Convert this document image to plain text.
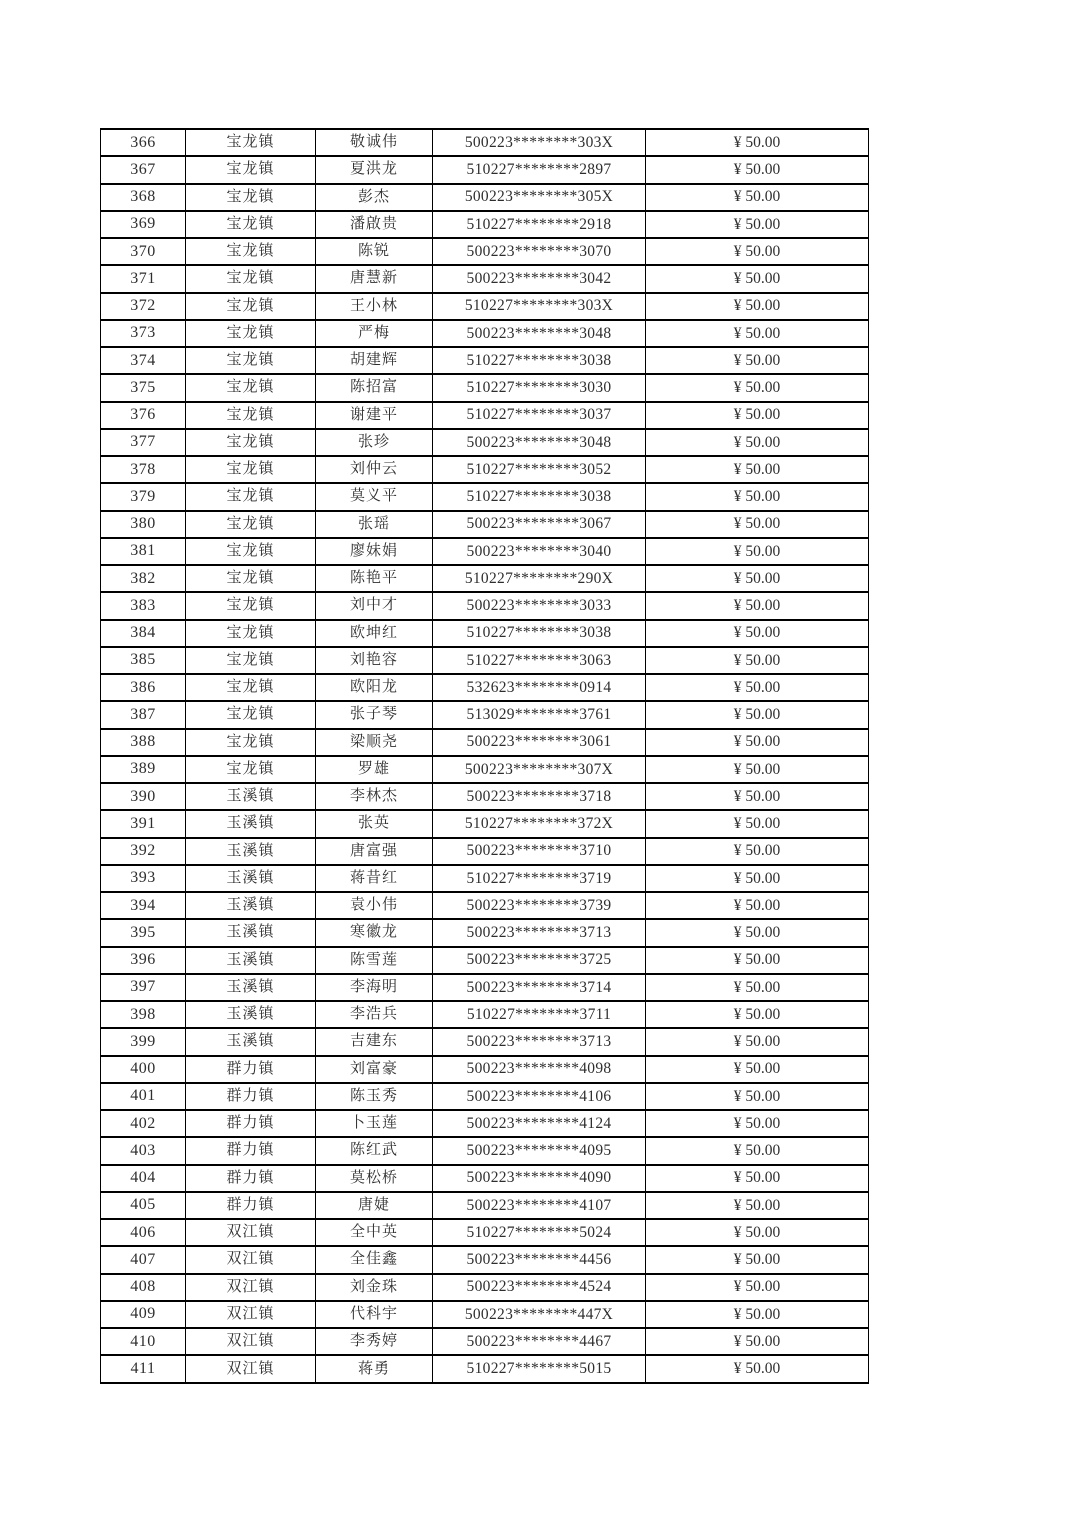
366	宝龙镇	敬诚伟	500223********303X	¥ 50.00
367	宝龙镇	夏洪龙	510227********2897	¥ 50.00
368	宝龙镇	彭杰	500223********305X	¥ 50.00
369	宝龙镇	潘啟贵	510227********2918	¥ 50.00
370	宝龙镇	陈锐	500223********3070	¥ 50.00
371	宝龙镇	唐慧新	500223********3042	¥ 50.00
372	宝龙镇	王小林	510227********303X	¥ 50.00
373	宝龙镇	严梅	500223********3048	¥ 50.00
374	宝龙镇	胡建辉	510227********3038	¥ 50.00
375	宝龙镇	陈招富	510227********3030	¥ 50.00
376	宝龙镇	谢建平	510227********3037	¥ 50.00
377	宝龙镇	张珍	500223********3048	¥ 50.00
378	宝龙镇	刘仲云	510227********3052	¥ 50.00
379	宝龙镇	莫义平	510227********3038	¥ 50.00
380	宝龙镇	张瑶	500223********3067	¥ 50.00
381	宝龙镇	廖妹娟	500223********3040	¥ 50.00
382	宝龙镇	陈艳平	510227********290X	¥ 50.00
383	宝龙镇	刘中才	500223********3033	¥ 50.00
384	宝龙镇	欧坤红	510227********3038	¥ 50.00
385	宝龙镇	刘艳容	510227********3063	¥ 50.00
386	宝龙镇	欧阳龙	532623********0914	¥ 50.00
387	宝龙镇	张子琴	513029********3761	¥ 50.00
388	宝龙镇	梁顺尧	500223********3061	¥ 50.00
389	宝龙镇	罗雄	500223********307X	¥ 50.00
390	玉溪镇	李林杰	500223********3718	¥ 50.00
391	玉溪镇	张英	510227********372X	¥ 50.00
392	玉溪镇	唐富强	500223********3710	¥ 50.00
393	玉溪镇	蒋昔红	510227********3719	¥ 50.00
394	玉溪镇	袁小伟	500223********3739	¥ 50.00
395	玉溪镇	寒徽龙	500223********3713	¥ 50.00
396	玉溪镇	陈雪莲	500223********3725	¥ 50.00
397	玉溪镇	李海明	500223********3714	¥ 50.00
398	玉溪镇	李浩兵	510227********3711	¥ 50.00
399	玉溪镇	吉建东	500223********3713	¥ 50.00
400	群力镇	刘富豪	500223********4098	¥ 50.00
401	群力镇	陈玉秀	500223********4106	¥ 50.00
402	群力镇	卜玉莲	500223********4124	¥ 50.00
403	群力镇	陈红武	500223********4095	¥ 50.00
404	群力镇	莫松桥	500223********4090	¥ 50.00
405	群力镇	唐婕	500223********4107	¥ 50.00
406	双江镇	全中英	510227********5024	¥ 50.00
407	双江镇	全佳鑫	500223********4456	¥ 50.00
408	双江镇	刘金珠	500223********4524	¥ 50.00
409	双江镇	代科宇	500223********447X	¥ 50.00
410	双江镇	李秀婷	500223********4467	¥ 50.00
411	双江镇	蒋勇	510227********5015	¥ 50.00
